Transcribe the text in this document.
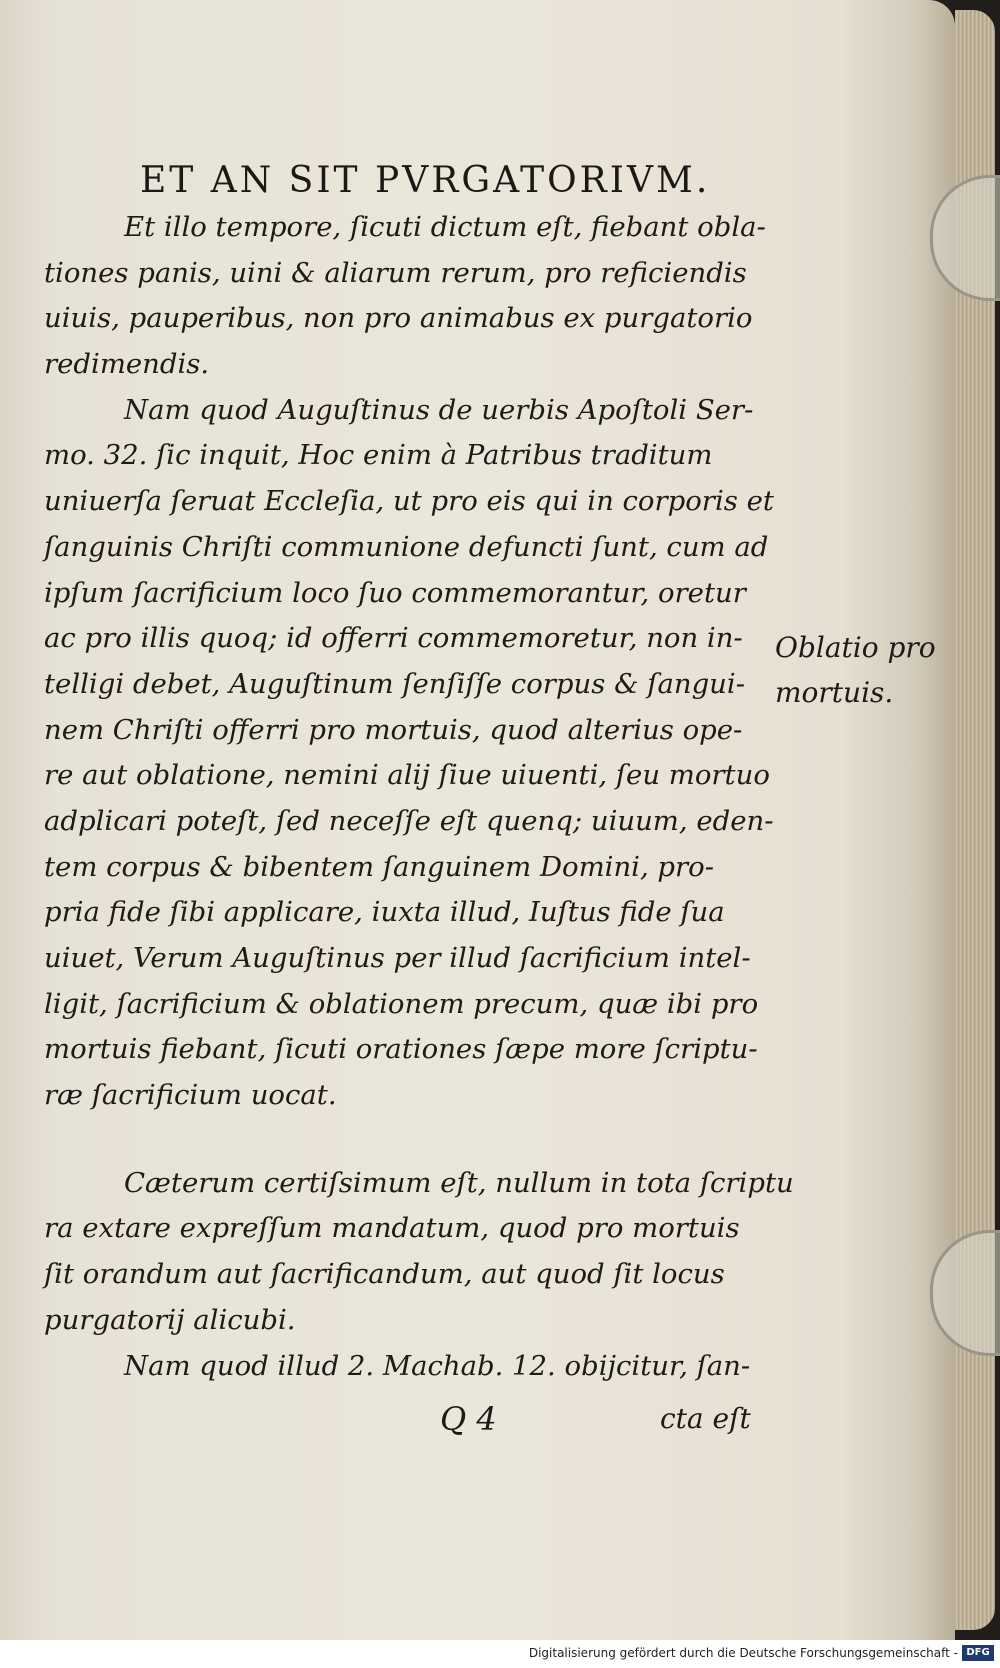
ET AN SIT PVRGATORIVM.
Et illo tempore, ſicuti dictum eſt, fiebant obla-
tiones panis, uini & aliarum rerum, pro reficiendis
uiuis, pauperibus, non pro animabus ex purgatorio
redimendis.
Nam quod Auguſtinus de uerbis Apoſtoli Ser-
mo. 32. ſic inquit, Hoc enim à Patribus traditum
uniuerſa ſeruat Eccleſia, ut pro eis qui in corporis et
ſanguinis Chriſti communione defuncti ſunt, cum ad
ipſum ſacrificium loco ſuo commemorantur, oretur
ac pro illis quoq; id offerri commemoretur, non in-
telligi debet, Auguſtinum ſenſiſſe corpus & ſangui-
nem Chriſti offerri pro mortuis, quod alterius ope-
re aut oblatione, nemini alij ſiue uiuenti, ſeu mortuo
adplicari poteſt, ſed neceſſe eſt quenq; uiuum, eden-
tem corpus & bibentem ſanguinem Domini, pro-
pria fide ſibi applicare, iuxta illud, Iuſtus fide ſua
uiuet, Verum Auguſtinus per illud ſacrificium intel-
ligit, ſacrificium & oblationem precum, quæ ibi pro
mortuis fiebant, ſicuti orationes ſæpe more ſcriptu-
ræ ſacrificium uocat.
Cæterum certiſsimum eſt, nullum in tota ſcriptu
ra extare expreſſum mandatum, quod pro mortuis
ſit orandum aut ſacrificandum, aut quod ſit locus
purgatorij alicubi.
Nam quod illud 2. Machab. 12. obijcitur, ſan-
Oblatio pro
mortuis.
Q 4	cta eſt
Digitalisierung gefördert durch die Deutsche Forschungsgemeinschaft - DFG
